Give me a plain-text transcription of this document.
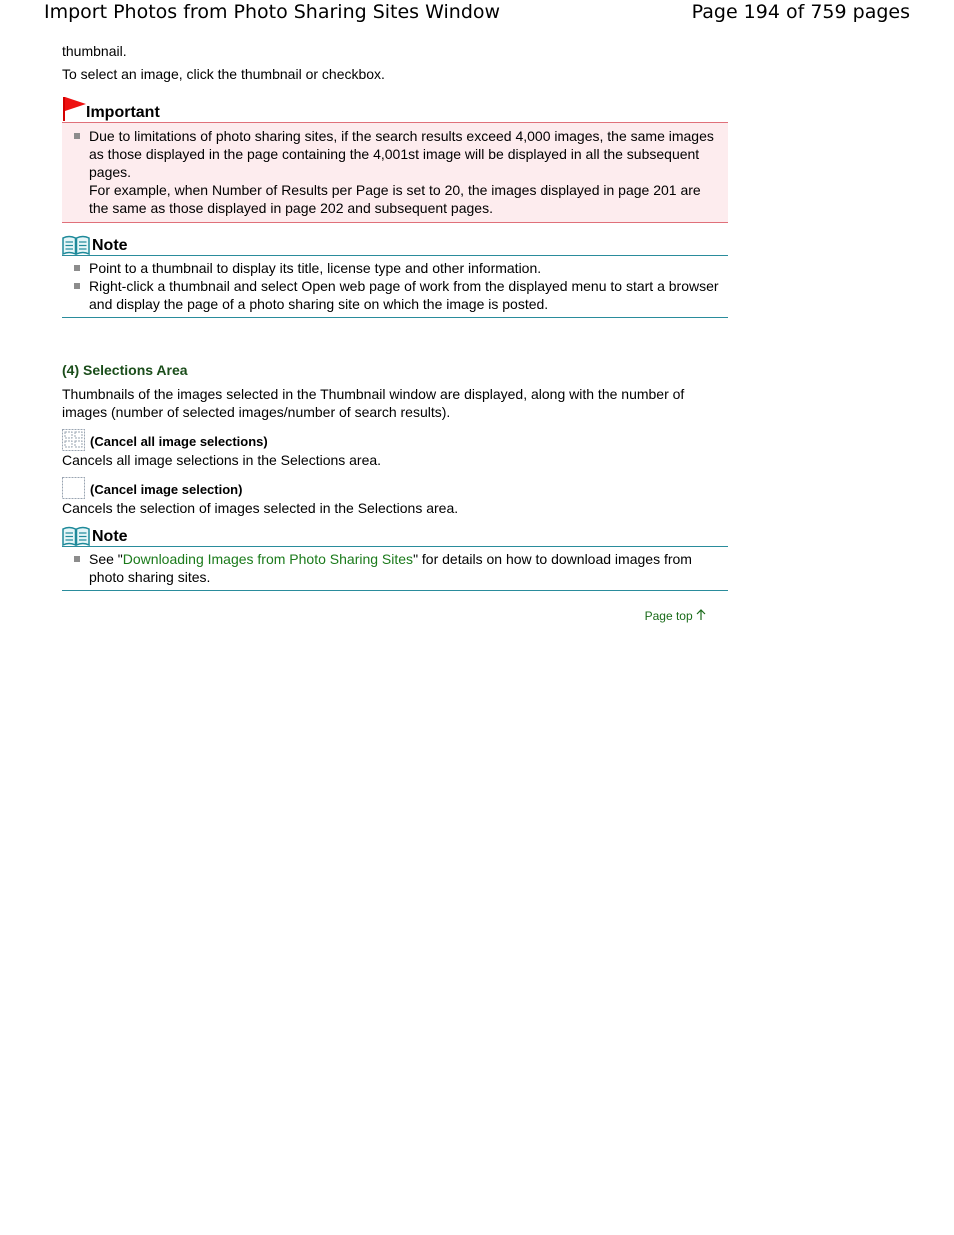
Import Photos from Photo Sharing Sites Window	Page 194 of 759 pages

thumbnail.

To select an image, click the thumbnail or checkbox.

Important
Due to limitations of photo sharing sites, if the search results exceed 4,000 images, the same images as those displayed in the page containing the 4,001st image will be displayed in all the subsequent pages.
For example, when Number of Results per Page is set to 20, the images displayed in page 201 are the same as those displayed in page 202 and subsequent pages.
Note
Point to a thumbnail to display its title, license type and other information.
Right-click a thumbnail and select Open web page of work from the displayed menu to start a browser and display the page of a photo sharing site on which the image is posted.
(4) Selections Area

Thumbnails of the images selected in the Thumbnail window are displayed, along with the number of images (number of selected images/number of search results).

(Cancel all image selections)

Cancels all image selections in the Selections area.

(Cancel image selection)

Cancels the selection of images selected in the Selections area.

Note
See "Downloading Images from Photo Sharing Sites" for details on how to download images from photo sharing sites.
Page top
